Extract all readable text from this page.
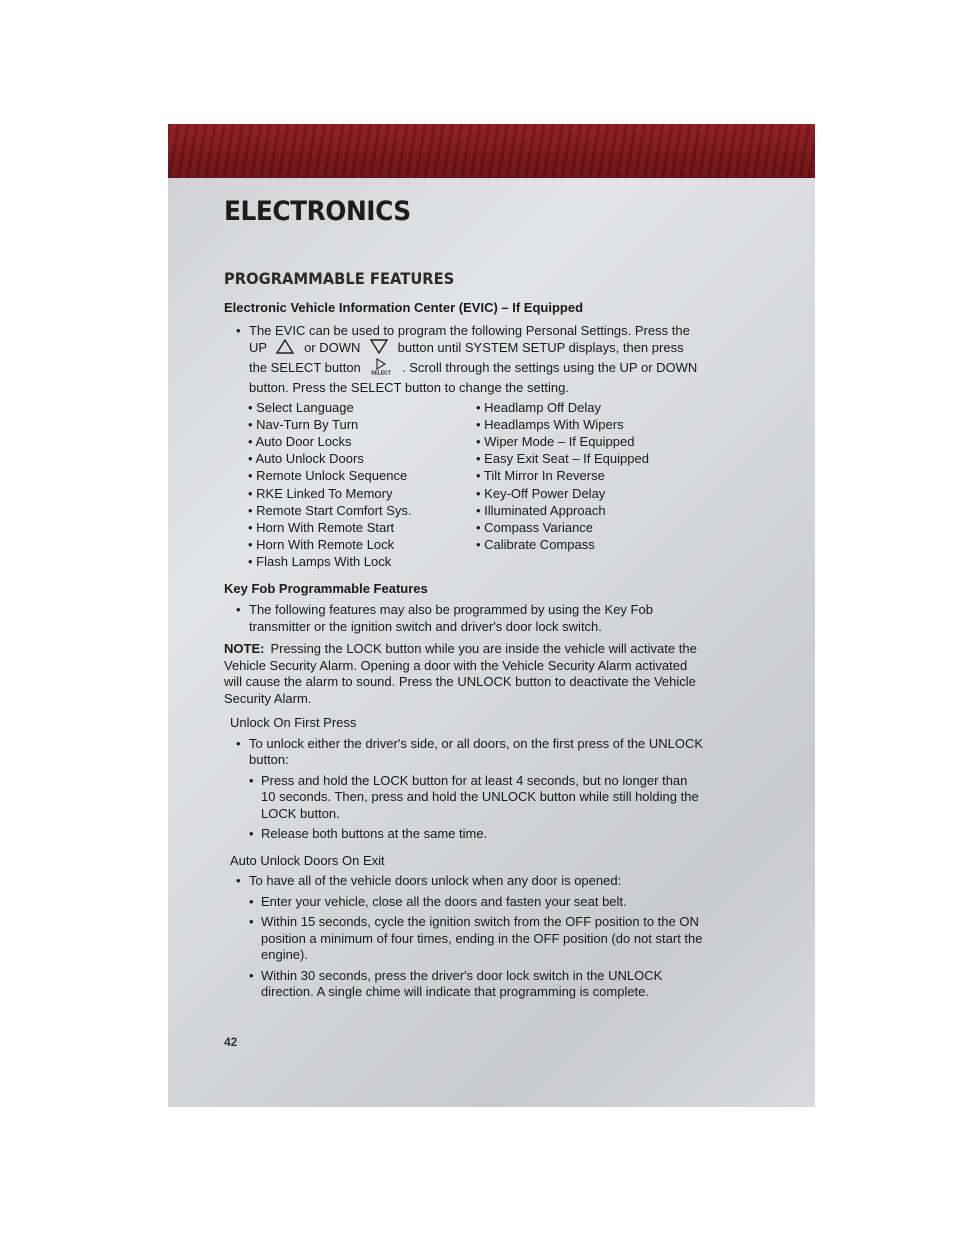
ELECTRONICS
PROGRAMMABLE FEATURES

Electronic Vehicle Information Center (EVIC) – If Equipped

• The EVIC can be used to program the following Personal Settings. Press the UP	or DOWN	button until SYSTEM SETUP displays, then press the SELECT button SELECT . Scroll through the settings using the UP or DOWN button. Press the SELECT button to change the setting.
• Select Language
• Nav-Turn By Turn
• Auto Door Locks
• Auto Unlock Doors
• Remote Unlock Sequence
• RKE Linked To Memory
• Remote Start Comfort Sys.
• Horn With Remote Start
• Horn With Remote Lock
• Flash Lamps With Lock
• Headlamp Off Delay
• Headlamps With Wipers
• Wiper Mode – If Equipped
• Easy Exit Seat – If Equipped
• Tilt Mirror In Reverse
• Key-Off Power Delay
• Illuminated Approach
• Compass Variance
• Calibrate Compass

Key Fob Programmable Features

• The following features may also be programmed by using the Key Fob transmitter or the ignition switch and driver's door lock switch.

NOTE: Pressing the LOCK button while you are inside the vehicle will activate the Vehicle Security Alarm. Opening a door with the Vehicle Security Alarm activated will cause the alarm to sound. Press the UNLOCK button to deactivate the Vehicle Security Alarm.

Unlock On First Press

• To unlock either the driver's side, or all doors, on the first press of the UNLOCK button:
• Press and hold the LOCK button for at least 4 seconds, but no longer than 10 seconds. Then, press and hold the UNLOCK button while still holding the LOCK button.
• Release both buttons at the same time.

Auto Unlock Doors On Exit

• To have all of the vehicle doors unlock when any door is opened:
• Enter your vehicle, close all the doors and fasten your seat belt.
• Within 15 seconds, cycle the ignition switch from the OFF position to the ON position a minimum of four times, ending in the OFF position (do not start the engine).
• Within 30 seconds, press the driver's door lock switch in the UNLOCK direction. A single chime will indicate that programming is complete.
42
